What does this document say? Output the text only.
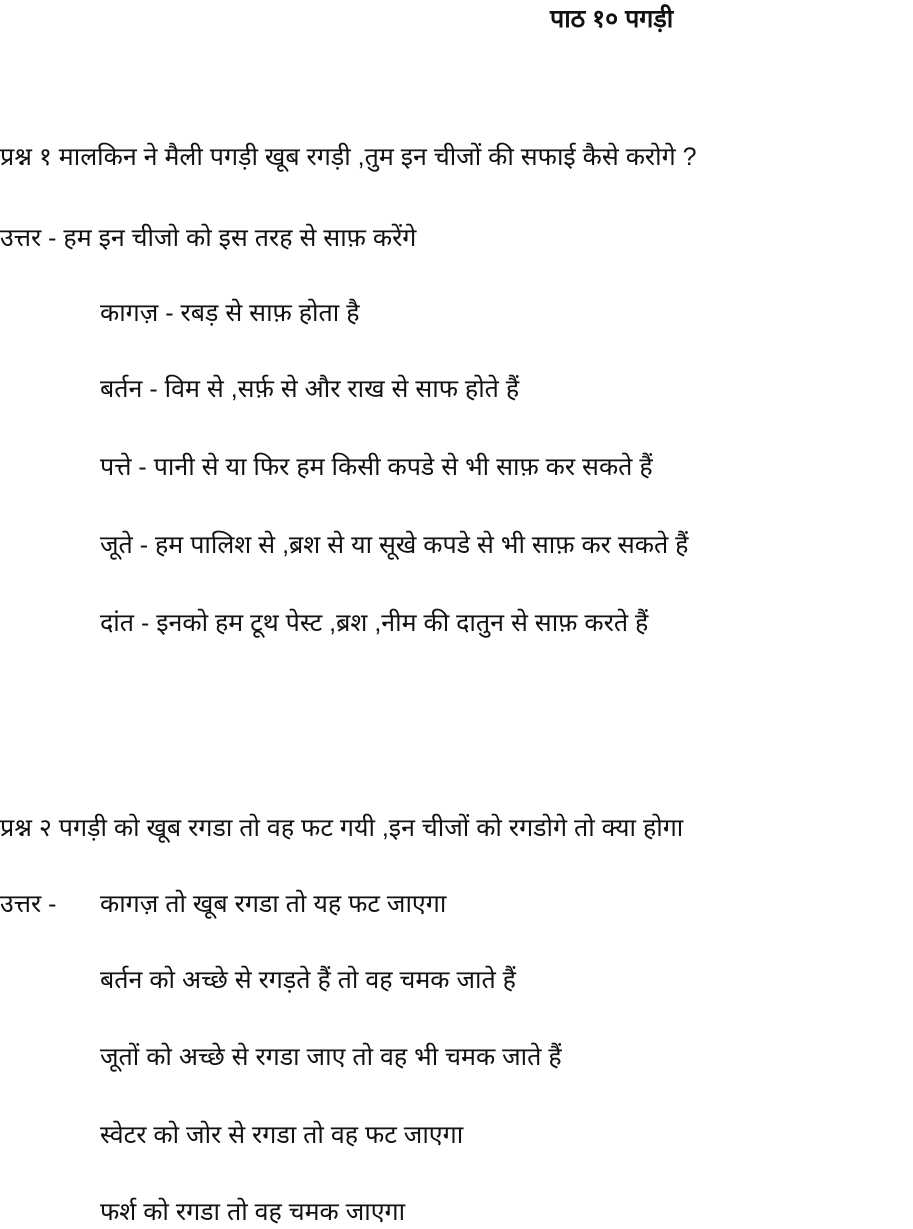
पाठ १० पगड़ी
प्रश्न १ मालकिन ने मैली पगड़ी खूब रगड़ी ,तुम इन चीजों की सफाई कैसे करोगे ?
उत्तर - हम इन चीजो को इस तरह से साफ़ करेंगे
कागज़ - रबड़ से साफ़ होता है
बर्तन - विम से ,सर्फ़ से और राख से साफ होते हैं
पत्ते - पानी से या फिर हम किसी कपडे से भी साफ़ कर सकते हैं
जूते - हम पालिश से ,ब्रश से या सूखे कपडे से भी साफ़ कर सकते हैं
दांत - इनको हम टूथ पेस्ट ,ब्रश ,नीम की दातुन से साफ़ करते हैं
प्रश्न २ पगड़ी को खूब रगडा तो वह फट गयी ,इन चीजों को रगडोगे तो क्या होगा
उत्तर - कागज़ तो खूब रगडा तो यह फट जाएगा
बर्तन को अच्छे से रगड़ते हैं तो वह चमक जाते हैं
जूतों को अच्छे से रगडा जाए तो वह भी चमक जाते हैं
स्वेटर को जोर से रगडा तो वह फट जाएगा
फर्श को रगडा तो वह चमक जाएगा
